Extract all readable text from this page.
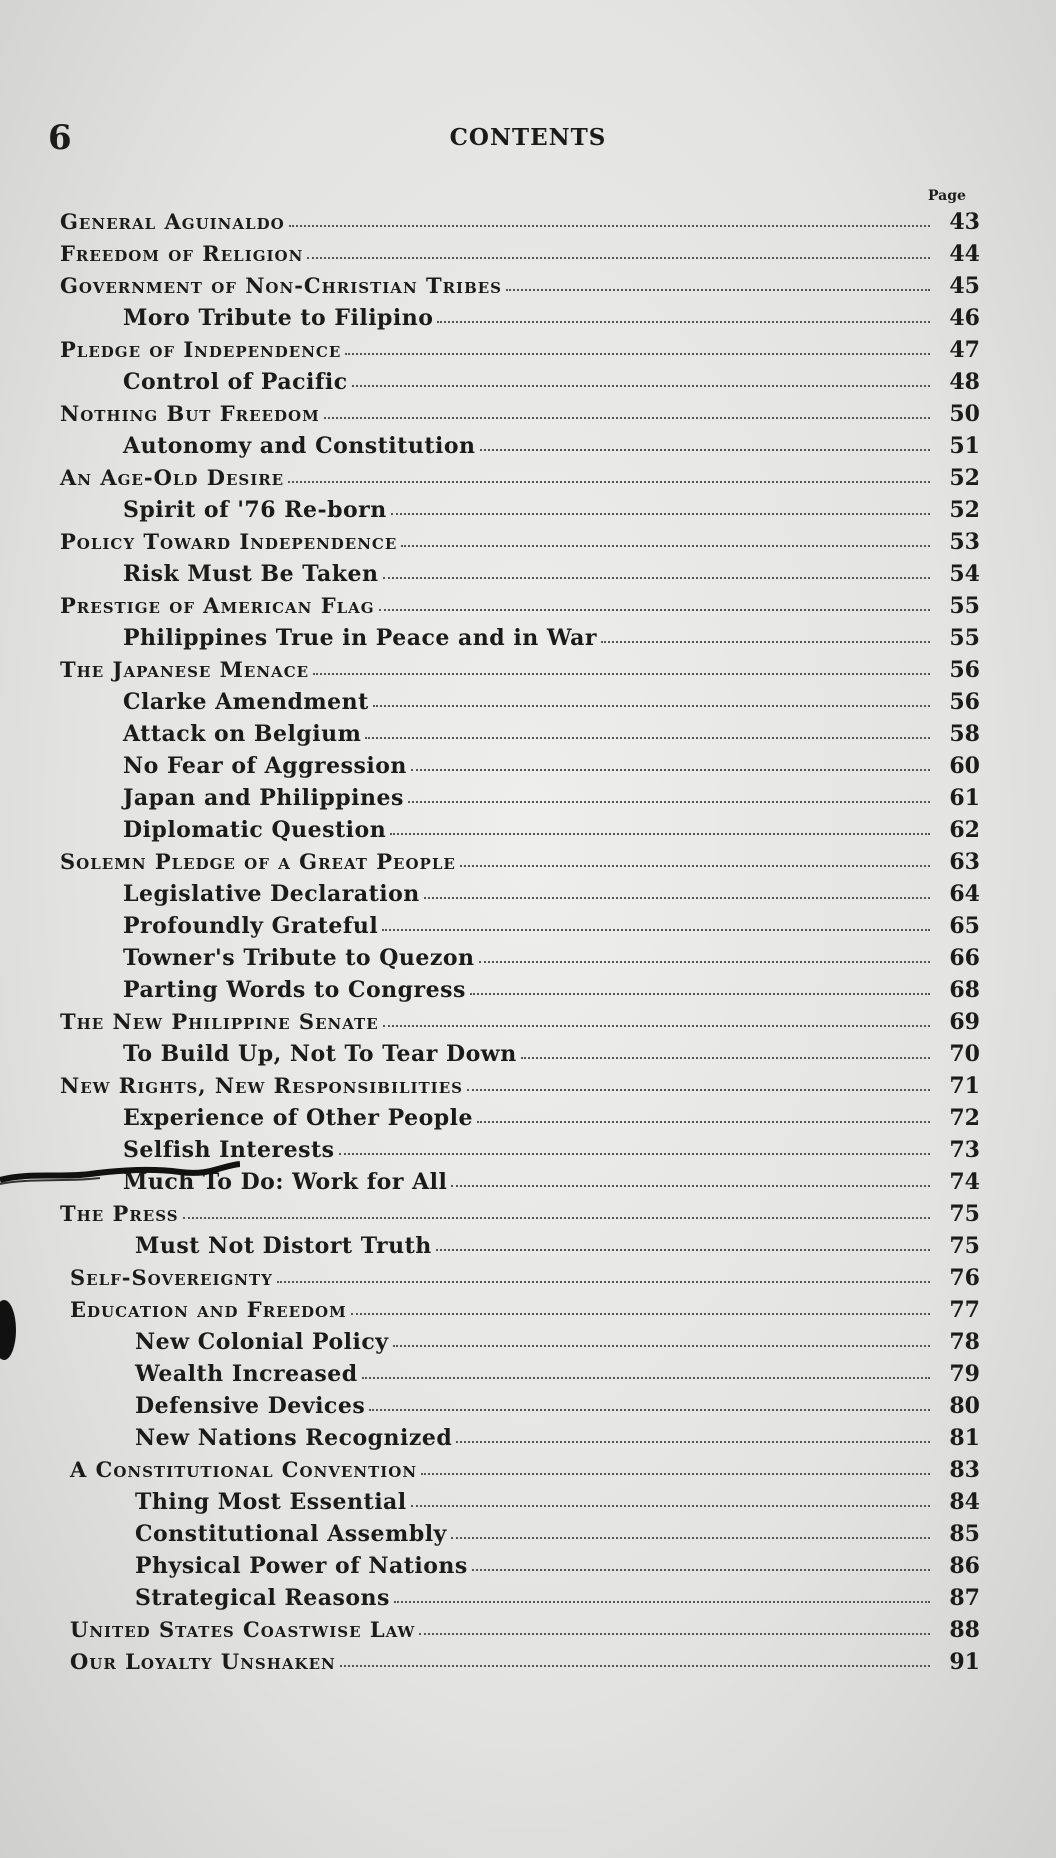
6	CONTENTS
Page
General Aguinaldo	43
Freedom of Religion	44
Government of Non-Christian Tribes	45
Moro Tribute to Filipino	46
Pledge of Independence	47
Control of Pacific	48
Nothing But Freedom	50
Autonomy and Constitution	51
An Age-Old Desire	52
Spirit of '76 Re-born	52
Policy Toward Independence	53
Risk Must Be Taken	54
Prestige of American Flag	55
Philippines True in Peace and in War	55
The Japanese Menace	56
Clarke Amendment	56
Attack on Belgium	58
No Fear of Aggression	60
Japan and Philippines	61
Diplomatic Question	62
Solemn Pledge of a Great People	63
Legislative Declaration	64
Profoundly Grateful	65
Towner's Tribute to Quezon	66
Parting Words to Congress	68
The New Philippine Senate	69
To Build Up, Not To Tear Down	70
New Rights, New Responsibilities	71
Experience of Other People	72
Selfish Interests	73
Much To Do: Work for All	74
The Press	75
Must Not Distort Truth	75
Self-Sovereignty	76
Education and Freedom	77
New Colonial Policy	78
Wealth Increased	79
Defensive Devices	80
New Nations Recognized	81
A Constitutional Convention	83
Thing Most Essential	84
Constitutional Assembly	85
Physical Power of Nations	86
Strategical Reasons	87
United States Coastwise Law	88
Our Loyalty Unshaken	91
